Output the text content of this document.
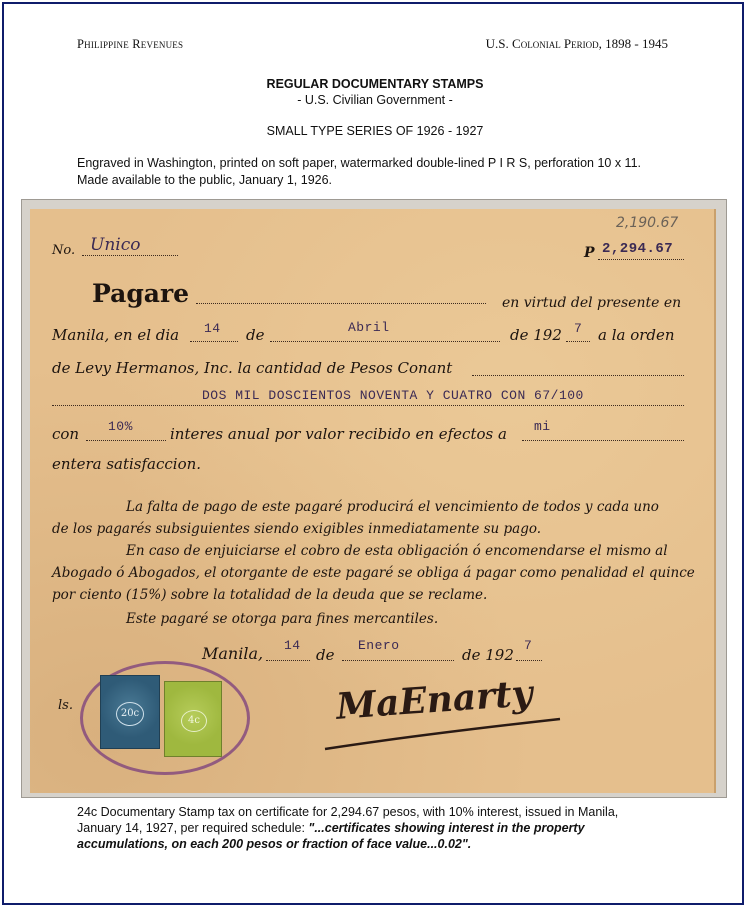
Philippine Revenues	U.S. Colonial Period, 1898 - 1945
REGULAR DOCUMENTARY STAMPS
- U.S. Civilian Government -
SMALL TYPE SERIES OF 1926 - 1927
Engraved in Washington, printed on soft paper, watermarked double-lined P I R S, perforation 10 x 11. Made available to the public, January 1, 1926.
2,190.67
No. Unico	P 2,294.67
Pagare	en virtud del presente en
Manila, en el dia 14 de	Abril	de 192 7 a la orden
de Levy Hermanos, Inc. la cantidad de Pesos Conant
DOS MIL DOSCIENTOS NOVENTA Y CUATRO CON 67/100
con 10% interes anual por valor recibido en efectos a mi
entera satisfaccion.
La falta de pago de este pagaré producirá el vencimiento de todos y cada uno
de los pagarés subsiguientes siendo exigibles inmediatamente su pago.
En caso de enjuiciarse el cobro de esta obligación ó encomendarse el mismo al
Abogado ó Abogados, el otorgante de este pagaré se obliga á pagar como penalidad el quince
por ciento (15%) sobre la totalidad de la deuda que se reclame.
Este pagaré se otorga para fines mercantiles.
Manila, 14
de
Enero
de 192
7
ls.
20c
4c	MaEnarty
24c Documentary Stamp tax on certificate for 2,294.67 pesos, with 10% interest, issued in Manila,
January 14, 1927, per required schedule: "...certificates showing interest in the property accumulations, on each 200 pesos or fraction of face value...0.02".
